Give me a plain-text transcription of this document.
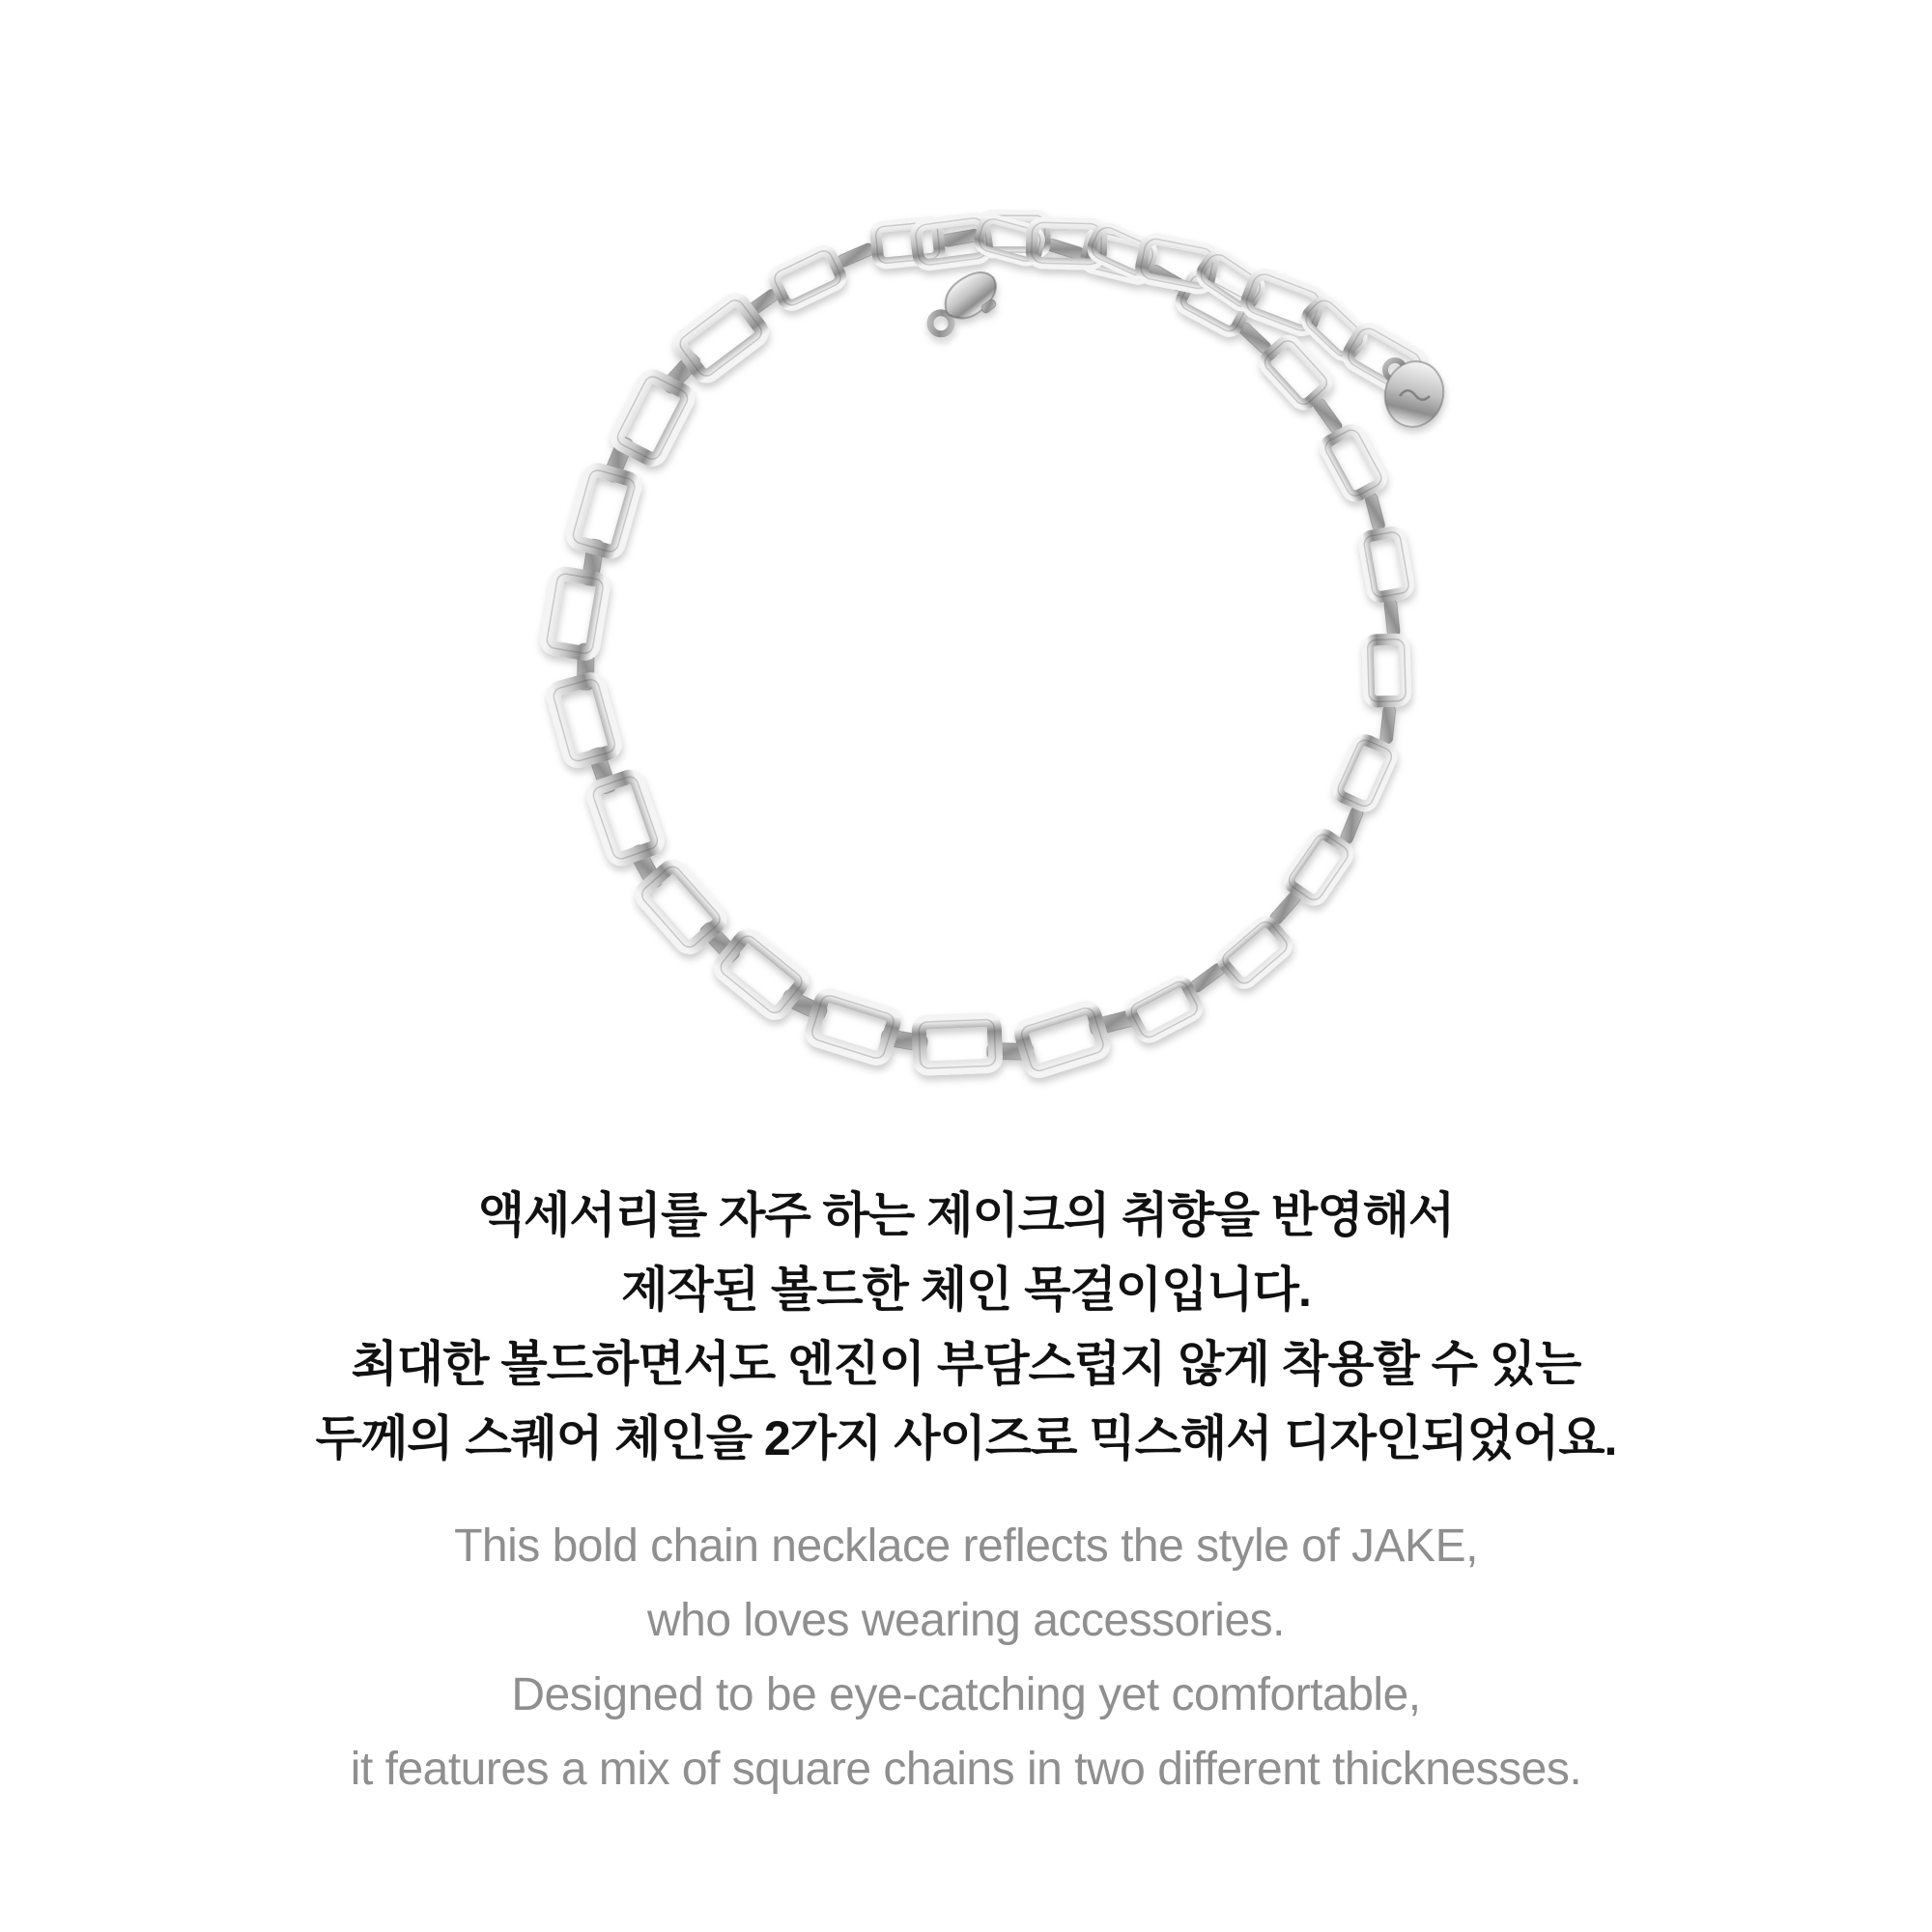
액세서리를 자주 하는 제이크의 취향을 반영해서

제작된 볼드한 체인 목걸이입니다.

최대한 볼드하면서도 엔진이 부담스럽지 않게 착용할 수 있는

두께의 스퀘어 체인을 2가지 사이즈로 믹스해서 디자인되었어요.

This bold chain necklace reflects the style of JAKE,

who loves wearing accessories.

Designed to be eye-catching yet comfortable,

it features a mix of square chains in two different thicknesses.
